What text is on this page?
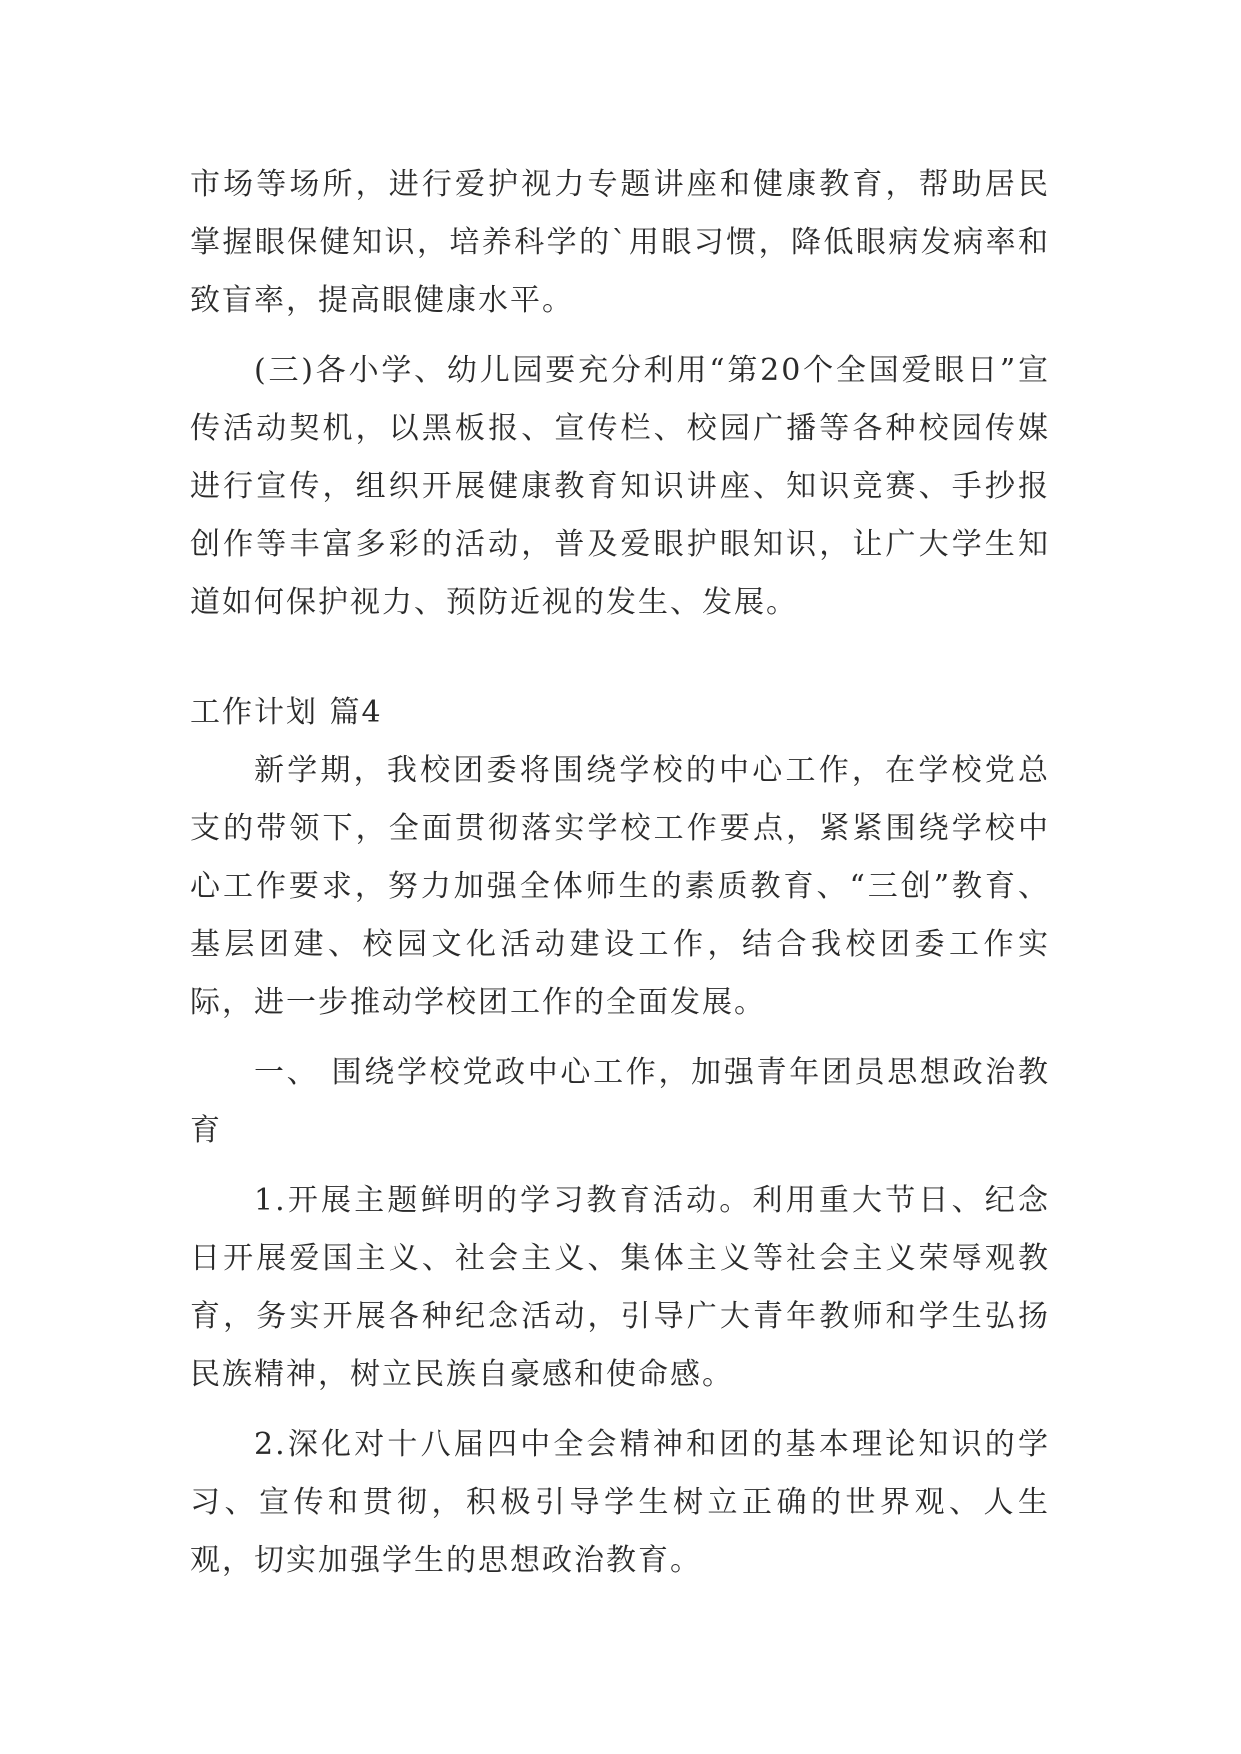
市场等场所，进行爱护视力专题讲座和健康教育，帮助居民掌握眼保健知识，培养科学的`用眼习惯，降低眼病发病率和致盲率，提高眼健康水平。

(三)各小学、幼儿园要充分利用“第20个全国爱眼日”宣传活动契机，以黑板报、宣传栏、校园广播等各种校园传媒进行宣传，组织开展健康教育知识讲座、知识竞赛、手抄报创作等丰富多彩的活动，普及爱眼护眼知识，让广大学生知道如何保护视力、预防近视的发生、发展。

工作计划 篇4

新学期，我校团委将围绕学校的中心工作，在学校党总支的带领下，全面贯彻落实学校工作要点，紧紧围绕学校中心工作要求，努力加强全体师生的素质教育、“三创”教育、基层团建、校园文化活动建设工作，结合我校团委工作实际，进一步推动学校团工作的全面发展。

一、 围绕学校党政中心工作，加强青年团员思想政治教育

1.开展主题鲜明的学习教育活动。利用重大节日、纪念日开展爱国主义、社会主义、集体主义等社会主义荣辱观教育，务实开展各种纪念活动，引导广大青年教师和学生弘扬民族精神，树立民族自豪感和使命感。

2.深化对十八届四中全会精神和团的基本理论知识的学习、宣传和贯彻，积极引导学生树立正确的世界观、人生观，切实加强学生的思想政治教育。
